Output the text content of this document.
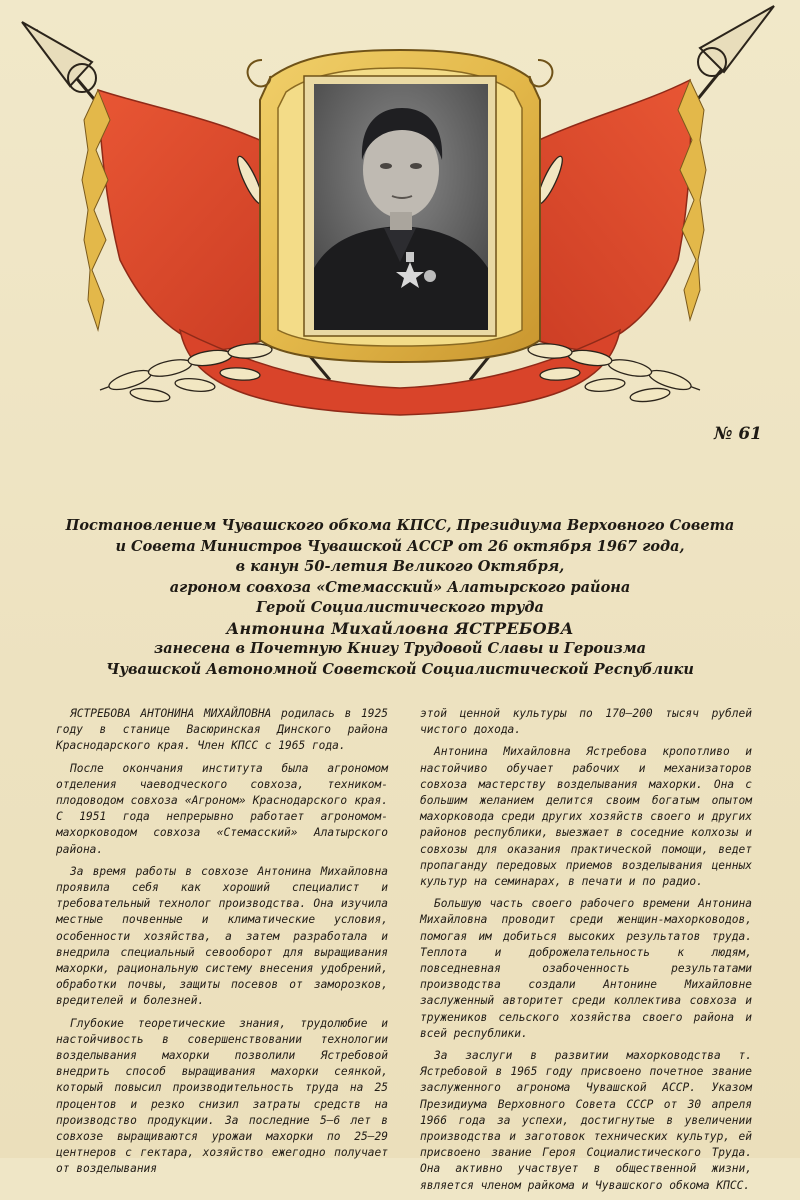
№ 61
Постановлением Чувашского обкома КПСС, Президиума Верховного Совета
и Совета Министров Чувашской АССР от 26 октября 1967 года,
в канун 50-летия Великого Октября,
агроном совхоза «Стемасский» Алатырского района
Герой Социалистического труда
Антонина Михайловна ЯСТРЕБОВА
занесена в Почетную Книгу Трудовой Славы и Героизма
Чувашской Автономной Советской Социалистической Республики

ЯСТРЕБОВА АНТОНИНА МИХАЙЛОВНА родилась в 1925 году в станице Васюринская Динского района Краснодарского края. Член КПСС с 1965 года.

После окончания института была агрономом отделения чаеводческого совхоза, техником-плодоводом совхоза «Агроном» Краснодарского края. С 1951 года непрерывно работает агрономом-махорководом совхоза «Стемасский» Алатырского района.

За время работы в совхозе Антонина Михайловна проявила себя как хороший специалист и требовательный технолог производства. Она изучила местные почвенные и климатические условия, особенности хозяйства, а затем разработала и внедрила специальный севооборот для выращивания махорки, рациональную систему внесения удобрений, обработки почвы, защиты посевов от заморозков, вредителей и болезней.

Глубокие теоретические знания, трудолюбие и настойчивость в совершенствовании технологии возделывания махорки позволили Ястребовой внедрить способ выращивания махорки сеянкой, который повысил производительность труда на 25 процентов и резко снизил затраты средств на производство продукции. За последние 5—6 лет в совхозе выращиваются урожаи махорки по 25—29 центнеров с гектара, хозяйство ежегодно получает от возделывания

этой ценной культуры по 170—200 тысяч рублей чистого дохода.

Антонина Михайловна Ястребова кропотливо и настойчиво обучает рабочих и механизаторов совхоза мастерству возделывания махорки. Она с большим желанием делится своим богатым опытом махорковода среди других хозяйств своего и других районов республики, выезжает в соседние колхозы и совхозы для оказания практической помощи, ведет пропаганду передовых приемов возделывания ценных культур на семинарах, в печати и по радио.

Большую часть своего рабочего времени Антонина Михайловна проводит среди женщин-махорководов, помогая им добиться высоких результатов труда. Теплота и доброжелательность к людям, повседневная озабоченность результатами производства создали Антонине Михайловне заслуженный авторитет среди коллектива совхоза и тружеников сельского хозяйства своего района и всей республики.

За заслуги в развитии махорководства т. Ястребовой в 1965 году присвоено почетное звание заслуженного агронома Чувашской АССР. Указом Президиума Верховного Совета СССР от 30 апреля 1966 года за успехи, достигнутые в увеличении производства и заготовок технических культур, ей присвоено звание Героя Социалистического Труда. Она активно участвует в общественной жизни, является членом райкома и Чувашского обкома КПСС.
